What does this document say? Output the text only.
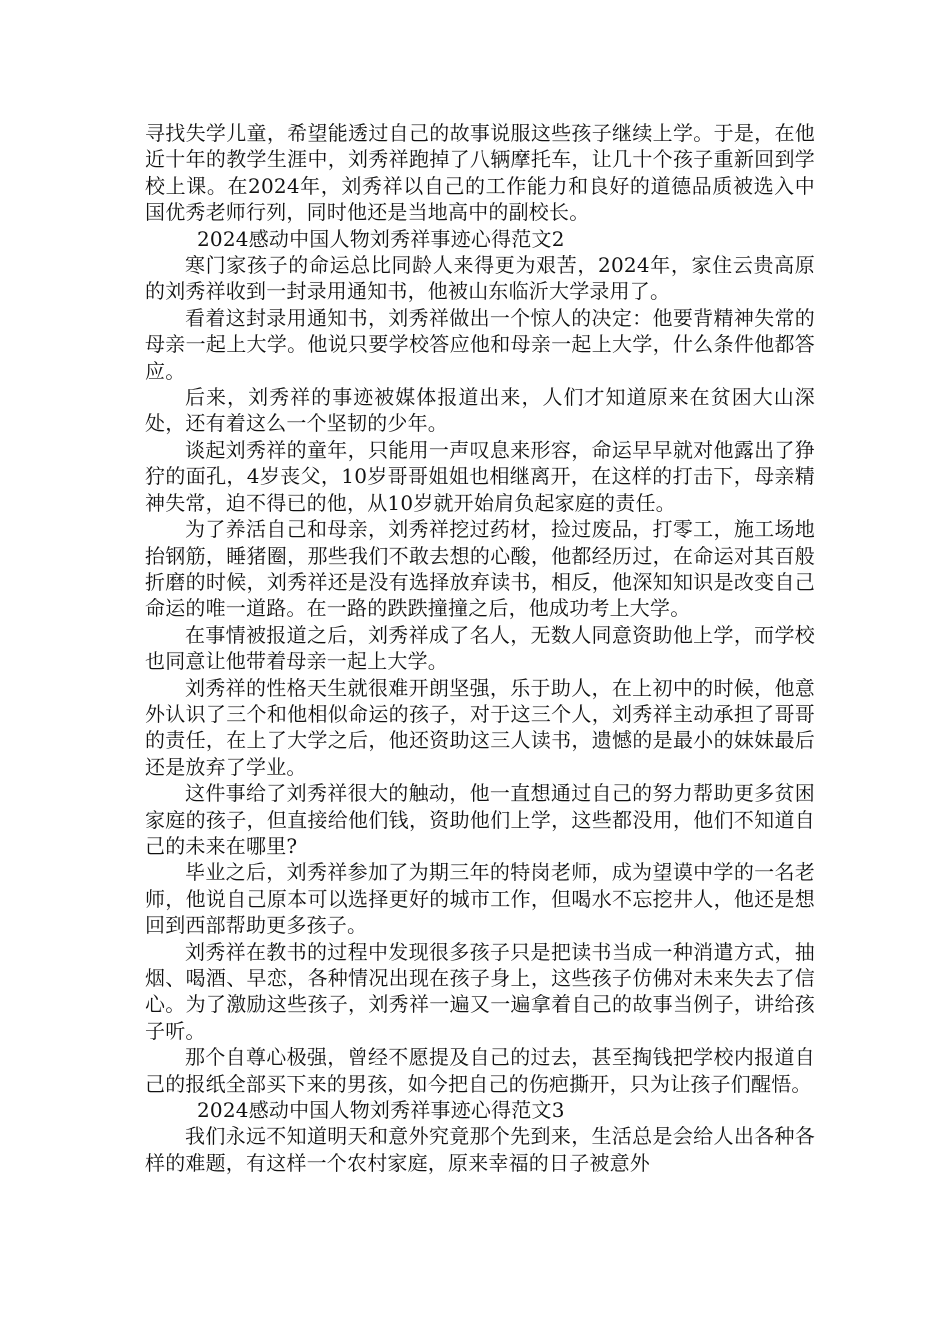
寻找失学儿童，希望能透过自己的故事说服这些孩子继续上学。于是，在他近十年的教学生涯中，刘秀祥跑掉了八辆摩托车，让几十个孩子重新回到学校上课。在2024年，刘秀祥以自己的工作能力和良好的道德品质被选入中国优秀老师行列，同时他还是当地高中的副校长。

2024感动中国人物刘秀祥事迹心得范文2

寒门家孩子的命运总比同龄人来得更为艰苦，2024年，家住云贵高原的刘秀祥收到一封录用通知书，他被山东临沂大学录用了。

看着这封录用通知书，刘秀祥做出一个惊人的决定：他要背精神失常的母亲一起上大学。他说只要学校答应他和母亲一起上大学，什么条件他都答应。

后来，刘秀祥的事迹被媒体报道出来，人们才知道原来在贫困大山深处，还有着这么一个坚韧的少年。

谈起刘秀祥的童年，只能用一声叹息来形容，命运早早就对他露出了狰狞的面孔，4岁丧父，10岁哥哥姐姐也相继离开，在这样的打击下，母亲精神失常，迫不得已的他，从10岁就开始肩负起家庭的责任。

为了养活自己和母亲，刘秀祥挖过药材，捡过废品，打零工，施工场地抬钢筋，睡猪圈，那些我们不敢去想的心酸，他都经历过，在命运对其百般折磨的时候，刘秀祥还是没有选择放弃读书，相反，他深知知识是改变自己命运的唯一道路。在一路的跌跌撞撞之后，他成功考上大学。

在事情被报道之后，刘秀祥成了名人，无数人同意资助他上学，而学校也同意让他带着母亲一起上大学。

刘秀祥的性格天生就很难开朗坚强，乐于助人，在上初中的时候，他意外认识了三个和他相似命运的孩子，对于这三个人，刘秀祥主动承担了哥哥的责任，在上了大学之后，他还资助这三人读书，遗憾的是最小的妹妹最后还是放弃了学业。

这件事给了刘秀祥很大的触动，他一直想通过自己的努力帮助更多贫困家庭的孩子，但直接给他们钱，资助他们上学，这些都没用，他们不知道自己的未来在哪里?

毕业之后，刘秀祥参加了为期三年的特岗老师，成为望谟中学的一名老师，他说自己原本可以选择更好的城市工作，但喝水不忘挖井人，他还是想回到西部帮助更多孩子。

刘秀祥在教书的过程中发现很多孩子只是把读书当成一种消遣方式，抽烟、喝酒、早恋，各种情况出现在孩子身上，这些孩子仿佛对未来失去了信心。为了激励这些孩子，刘秀祥一遍又一遍拿着自己的故事当例子，讲给孩子听。

那个自尊心极强，曾经不愿提及自己的过去，甚至掏钱把学校内报道自己的报纸全部买下来的男孩，如今把自己的伤疤撕开，只为让孩子们醒悟。

2024感动中国人物刘秀祥事迹心得范文3

我们永远不知道明天和意外究竟那个先到来，生活总是会给人出各种各样的难题，有这样一个农村家庭，原来幸福的日子被意外
